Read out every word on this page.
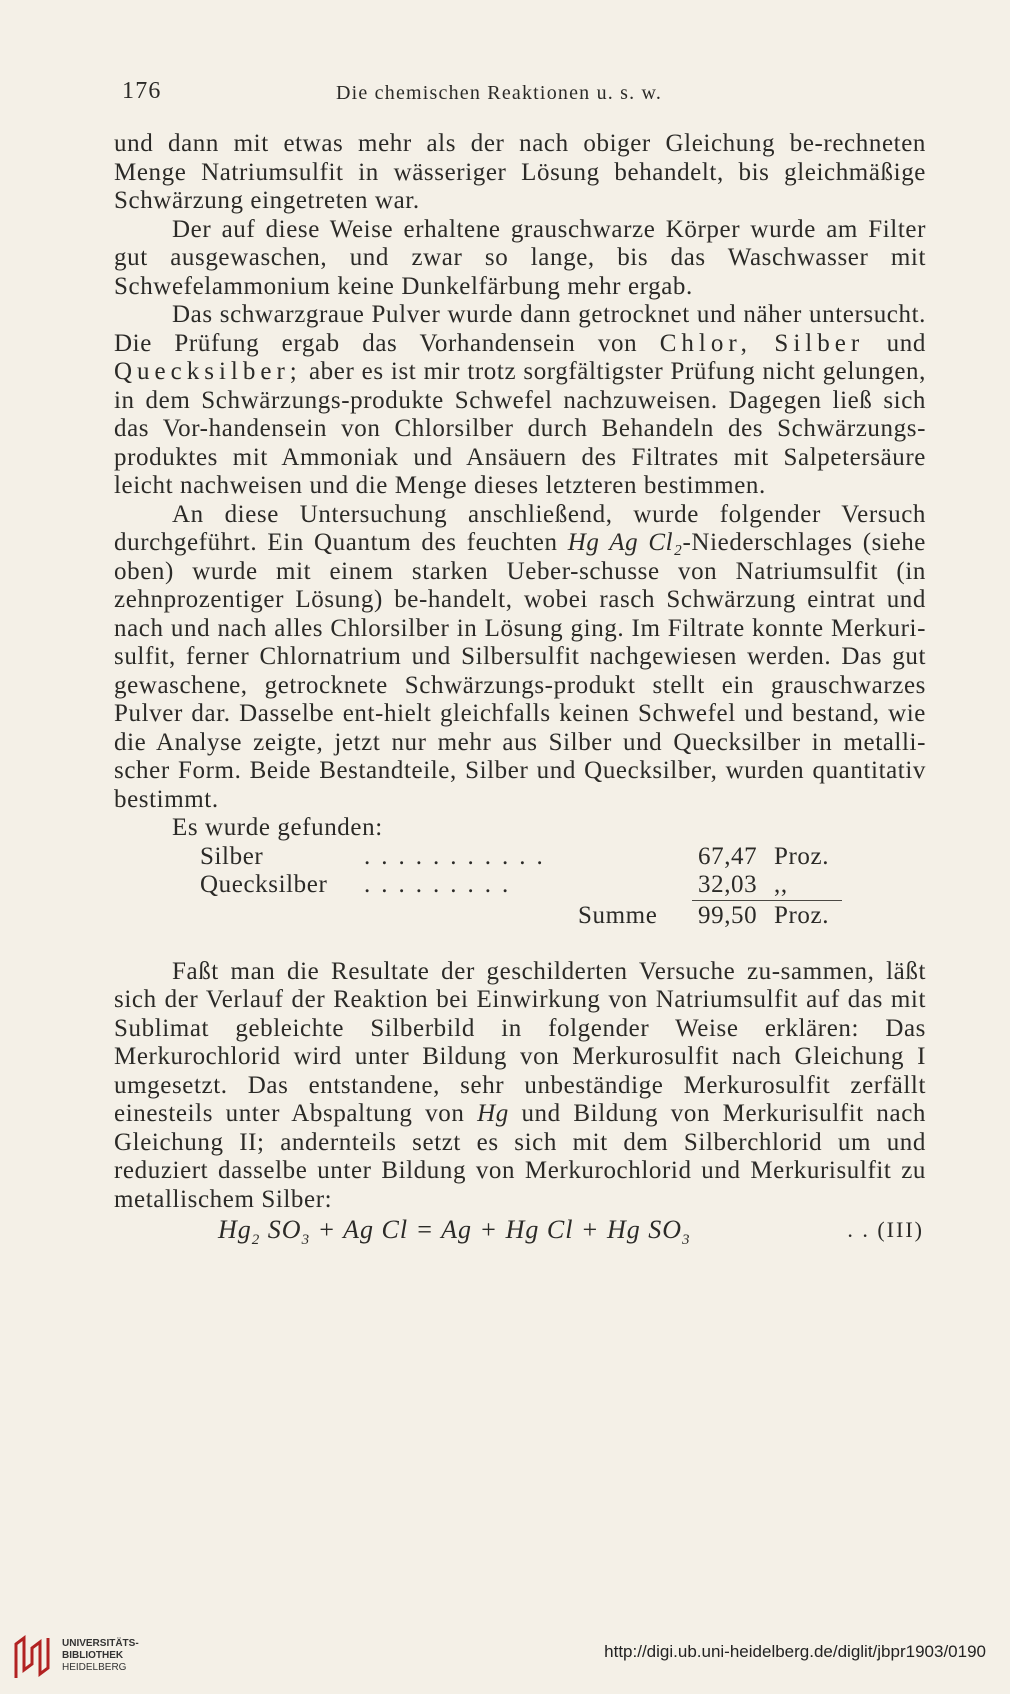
176	Die chemischen Reaktionen u. s. w.

und dann mit etwas mehr als der nach obiger Gleichung be-rechneten Menge Natriumsulfit in wässeriger Lösung behandelt, bis gleichmäßige Schwärzung eingetreten war.

Der auf diese Weise erhaltene grauschwarze Körper wurde am Filter gut ausgewaschen, und zwar so lange, bis das Waschwasser mit Schwefelammonium keine Dunkelfärbung mehr ergab.

Das schwarzgraue Pulver wurde dann getrocknet und näher untersucht. Die Prüfung ergab das Vorhandensein von Chlor, Silber und Quecksilber; aber es ist mir trotz sorgfältigster Prüfung nicht gelungen, in dem Schwärzungs-produkte Schwefel nachzuweisen. Dagegen ließ sich das Vor-handensein von Chlorsilber durch Behandeln des Schwärzungs-produktes mit Ammoniak und Ansäuern des Filtrates mit Salpetersäure leicht nachweisen und die Menge dieses letzteren bestimmen.

An diese Untersuchung anschließend, wurde folgender Versuch durchgeführt. Ein Quantum des feuchten Hg Ag Cl₂-Niederschlages (siehe oben) wurde mit einem starken Ueber-schusse von Natriumsulfit (in zehnprozentiger Lösung) be-handelt, wobei rasch Schwärzung eintrat und nach und nach alles Chlorsilber in Lösung ging. Im Filtrate konnte Merkuri-sulfit, ferner Chlornatrium und Silbersulfit nachgewiesen werden. Das gut gewaschene, getrocknete Schwärzungs-produkt stellt ein grauschwarzes Pulver dar. Dasselbe ent-hielt gleichfalls keinen Schwefel und bestand, wie die Analyse zeigte, jetzt nur mehr aus Silber und Quecksilber in metalli-scher Form. Beide Bestandteile, Silber und Quecksilber, wurden quantitativ bestimmt.

Es wurde gefunden:
Silber	...........	67,47 Proz.
Quecksilber .........	32,03 ,,
Summe 99,50 Proz.

Faßt man die Resultate der geschilderten Versuche zu-sammen, läßt sich der Verlauf der Reaktion bei Einwirkung von Natriumsulfit auf das mit Sublimat gebleichte Silberbild in folgender Weise erklären: Das Merkurochlorid wird unter Bildung von Merkurosulfit nach Gleichung I umgesetzt. Das entstandene, sehr unbeständige Merkurosulfit zerfällt einesteils unter Abspaltung von Hg und Bildung von Merkurisulfit nach Gleichung II; andernteils setzt es sich mit dem Silberchlorid um und reduziert dasselbe unter Bildung von Merkurochlorid und Merkurisulfit zu metallischem Silber:

$Hg_2$ $SO_3 + Ag$ Cl = Ag + Hg Cl + Hg $SO_3$	. . (III)
UNIVERSITÄTS-
BIBLIOTHEK
HEIDELBERG
http://digi.ub.uni-heidelberg.de/diglit/jbpr1903/0190
